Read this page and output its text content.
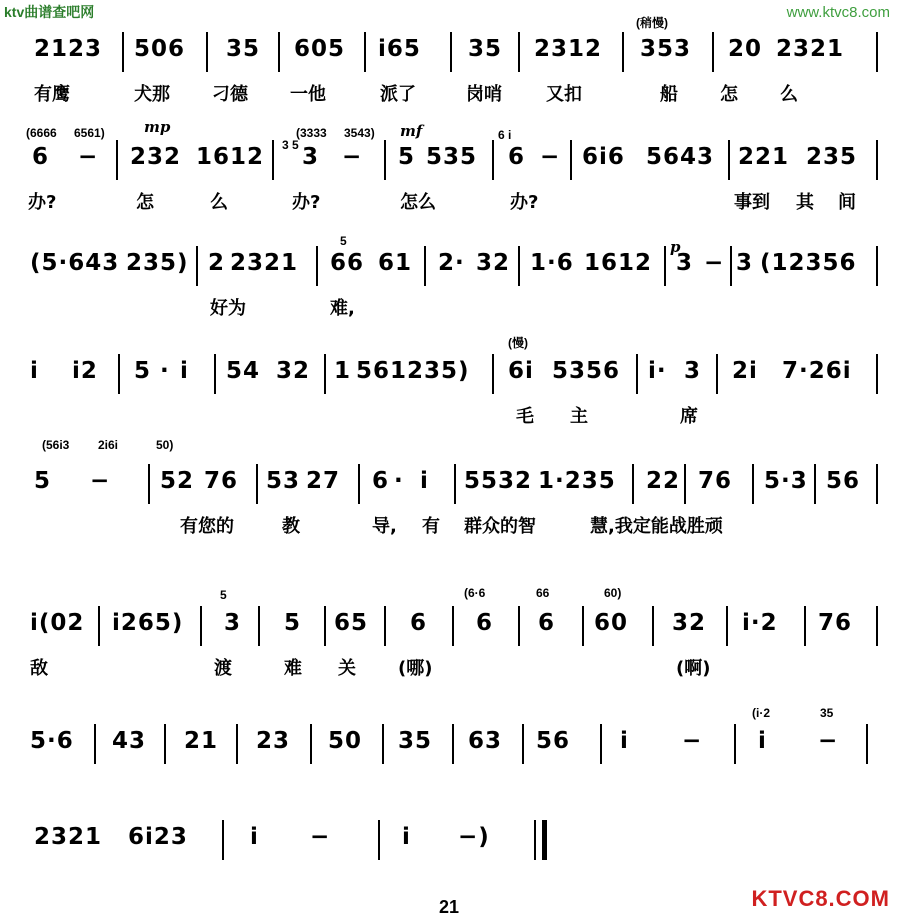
ktv曲谱查吧网	www.ktvc8.com
2123 506 35 605 i65 35 2312
(稍慢)
353 20 2321
有鹰	犬那 刁德 一他	派了	岗哨 又扣	船 怎 么
(6666 6561)
6 −
mp
232 1612 3 5
(3333 3543)
3 −
mf
5 535
6 i
6 − 6i6 5643 221 235
办?	怎	么	办?	怎么	办?	事到 其 间
(5·643 235) 2 2321
5
66 61 2· 32 1·6 1612
p
3 − 3 (12356
好为	难,
i i2 5 · i 54 32 1 561235)
(慢)
6i 5356 i· 3 2i 7·26i
毛 主	席
(56i3 2i6i	50)
5 − 52 76 53 27 6 · i 5532 1·235 22 76 5·3 56
有您的	教	导, 有 群众的智	慧,我定能战胜顽
i(02 i265)
5
3 5 65 6
(6·6
6
66
6
60)
60 32 i·2 76
敌	渡	难 关 (哪)	(啊)
5·6 43 21 23 50 35 63 56 i −
(i·2	35
i −
2321 6i23	i −	i −)
21	KTVC8.COM
